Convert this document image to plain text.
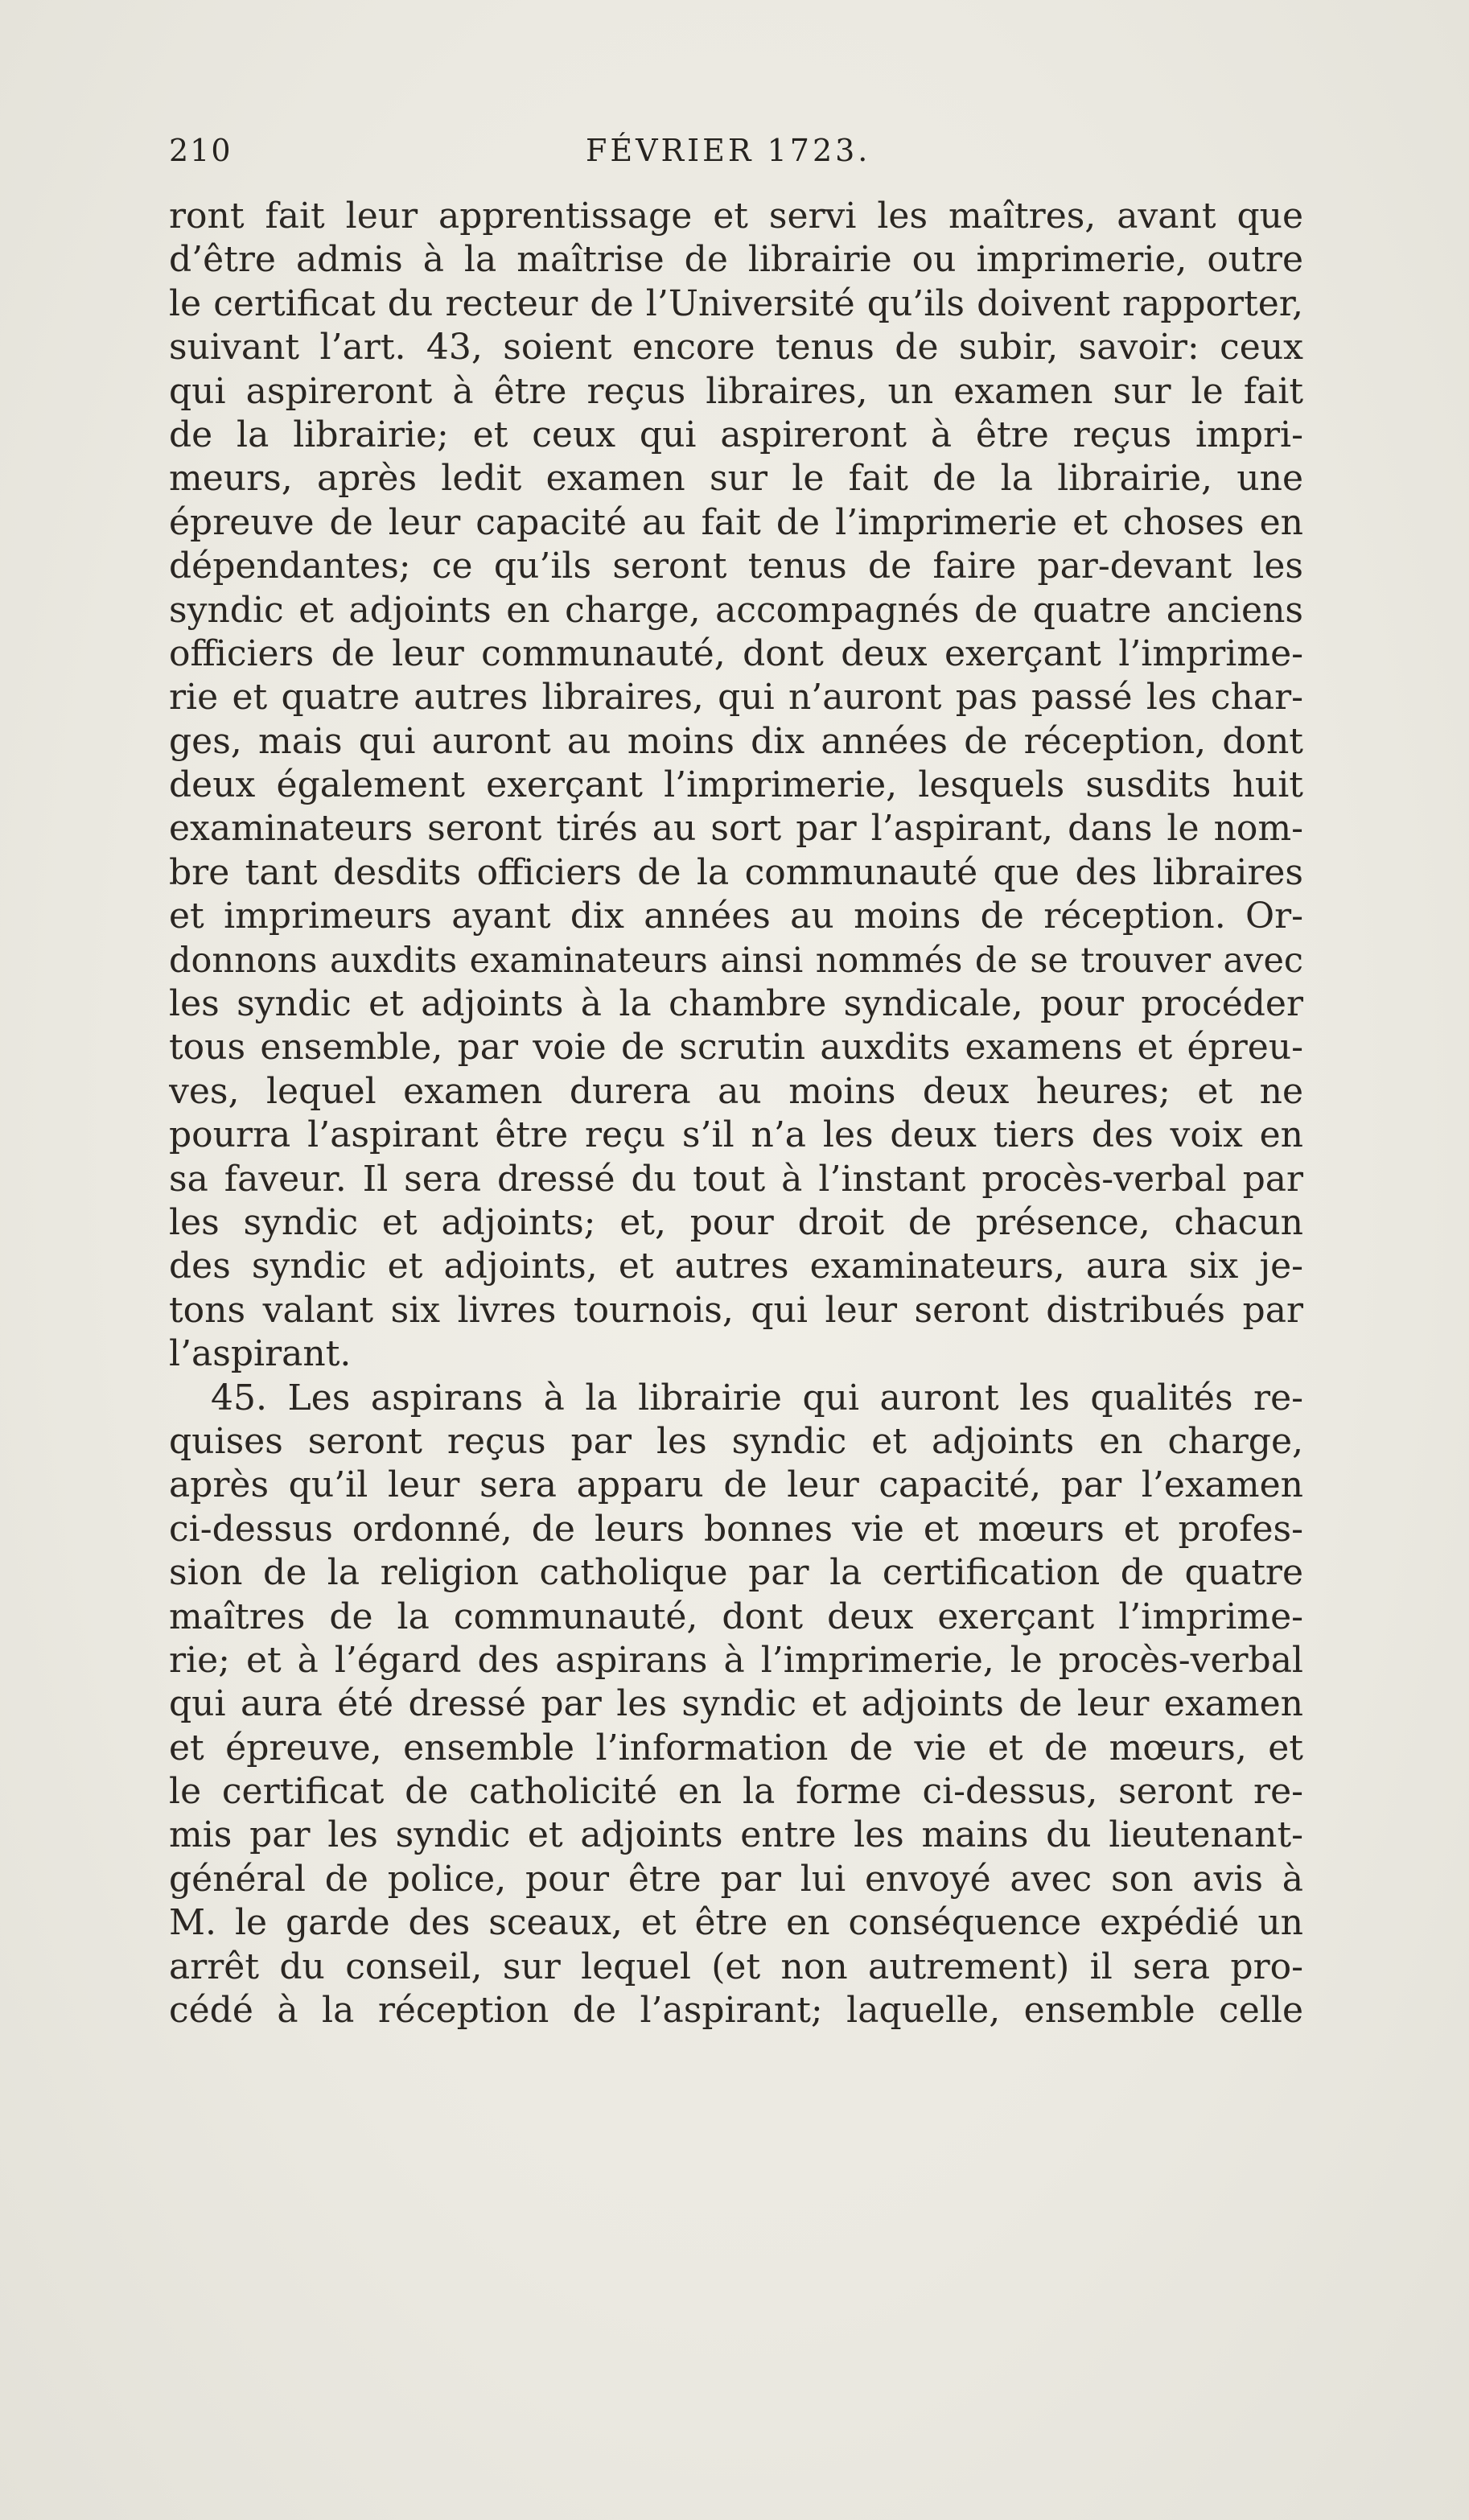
210	FÉVRIER 1723.
ront fait leur apprentissage et servi les maîtres, avant que
d’être admis à la maîtrise de librairie ou imprimerie, outre
le certificat du recteur de l’Université qu’ils doivent rapporter,
suivant l’art. 43, soient encore tenus de subir, savoir: ceux
qui aspireront à être reçus libraires, un examen sur le fait
de la librairie; et ceux qui aspireront à être reçus impri-
meurs, après ledit examen sur le fait de la librairie, une
épreuve de leur capacité au fait de l’imprimerie et choses en
dépendantes; ce qu’ils seront tenus de faire par-devant les
syndic et adjoints en charge, accompagnés de quatre anciens
officiers de leur communauté, dont deux exerçant l’imprime-
rie et quatre autres libraires, qui n’auront pas passé les char-
ges, mais qui auront au moins dix années de réception, dont
deux également exerçant l’imprimerie, lesquels susdits huit
examinateurs seront tirés au sort par l’aspirant, dans le nom-
bre tant desdits officiers de la communauté que des libraires
et imprimeurs ayant dix années au moins de réception. Or-
donnons auxdits examinateurs ainsi nommés de se trouver avec
les syndic et adjoints à la chambre syndicale, pour procéder
tous ensemble, par voie de scrutin auxdits examens et épreu-
ves, lequel examen durera au moins deux heures; et ne
pourra l’aspirant être reçu s’il n’a les deux tiers des voix en
sa faveur. Il sera dressé du tout à l’instant procès-verbal par
les syndic et adjoints; et, pour droit de présence, chacun
des syndic et adjoints, et autres examinateurs, aura six je-
tons valant six livres tournois, qui leur seront distribués par
l’aspirant.
45. Les aspirans à la librairie qui auront les qualités re-
quises seront reçus par les syndic et adjoints en charge,
après qu’il leur sera apparu de leur capacité, par l’examen
ci-dessus ordonné, de leurs bonnes vie et mœurs et profes-
sion de la religion catholique par la certification de quatre
maîtres de la communauté, dont deux exerçant l’imprime-
rie; et à l’égard des aspirans à l’imprimerie, le procès-verbal
qui aura été dressé par les syndic et adjoints de leur examen
et épreuve, ensemble l’information de vie et de mœurs, et
le certificat de catholicité en la forme ci-dessus, seront re-
mis par les syndic et adjoints entre les mains du lieutenant-
général de police, pour être par lui envoyé avec son avis à
M. le garde des sceaux, et être en conséquence expédié un
arrêt du conseil, sur lequel (et non autrement) il sera pro-
cédé à la réception de l’aspirant; laquelle, ensemble celle
